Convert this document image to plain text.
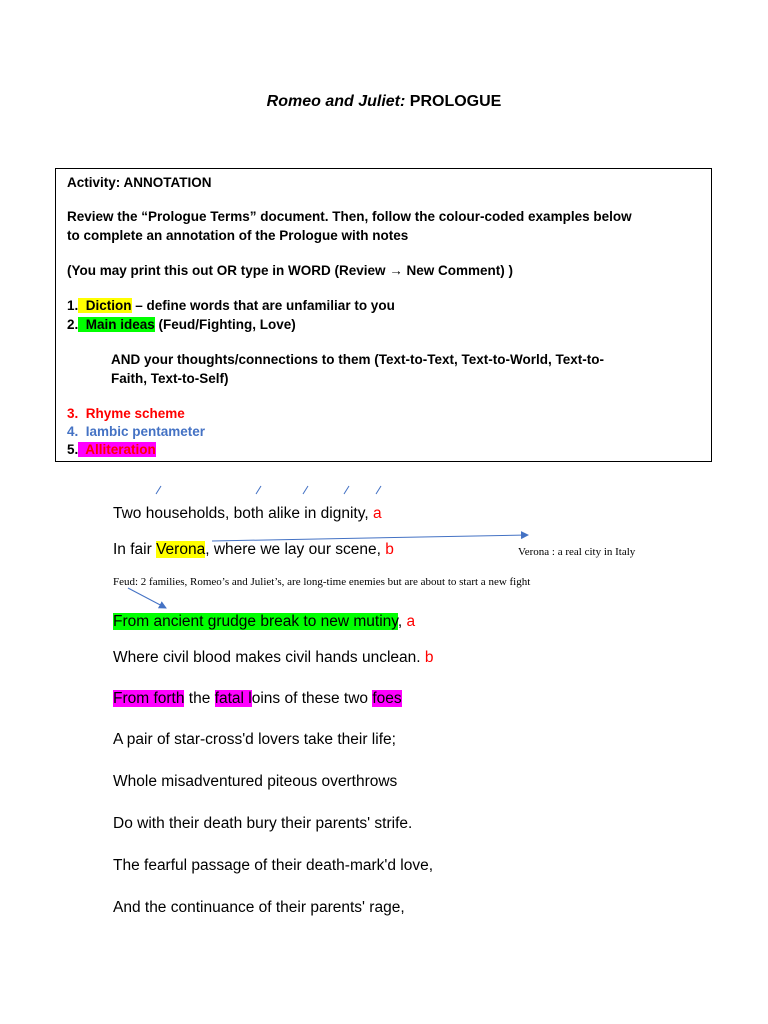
Romeo and Juliet: PROLOGUE
Activity: ANNOTATION
Review the “Prologue Terms” document. Then, follow the colour-coded examples below
to complete an annotation of the Prologue with notes
(You may print this out OR type in WORD (Review → New Comment) )
1.  Diction – define words that are unfamiliar to you
2.  Main ideas (Feud/Fighting, Love)
AND your thoughts/connections to them (Text-to-Text, Text-to-World, Text-to-
Faith, Text-to-Self)
3.  Rhyme scheme
4.  Iambic pentameter
5.  Alliteration
Two households, both alike in dignity, a
In fair Verona, where we lay our scene, b	Verona : a real city in Italy
Feud: 2 families, Romeo’s and Juliet’s, are long-time enemies but are about to start a new fight
From ancient grudge break to new mutiny, a
Where civil blood makes civil hands unclean. b
From forth the fatal loins of these two foes
A pair of star-cross'd lovers take their life;
Whole misadventured piteous overthrows
Do with their death bury their parents' strife.
The fearful passage of their death-mark'd love,
And the continuance of their parents' rage,
